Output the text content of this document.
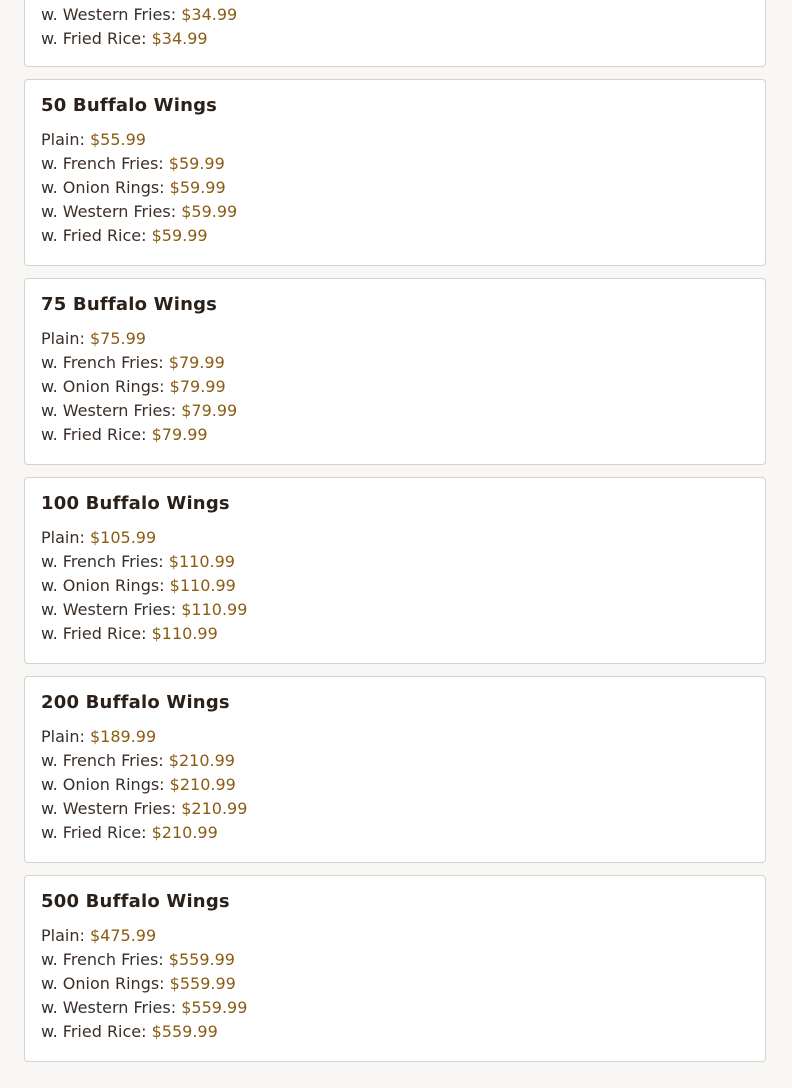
w. Western Fries: $34.99
w. Fried Rice: $34.99
50 Buffalo Wings
Plain: $55.99
w. French Fries: $59.99
w. Onion Rings: $59.99
w. Western Fries: $59.99
w. Fried Rice: $59.99
75 Buffalo Wings
Plain: $75.99
w. French Fries: $79.99
w. Onion Rings: $79.99
w. Western Fries: $79.99
w. Fried Rice: $79.99
100 Buffalo Wings
Plain: $105.99
w. French Fries: $110.99
w. Onion Rings: $110.99
w. Western Fries: $110.99
w. Fried Rice: $110.99
200 Buffalo Wings
Plain: $189.99
w. French Fries: $210.99
w. Onion Rings: $210.99
w. Western Fries: $210.99
w. Fried Rice: $210.99
500 Buffalo Wings
Plain: $475.99
w. French Fries: $559.99
w. Onion Rings: $559.99
w. Western Fries: $559.99
w. Fried Rice: $559.99
